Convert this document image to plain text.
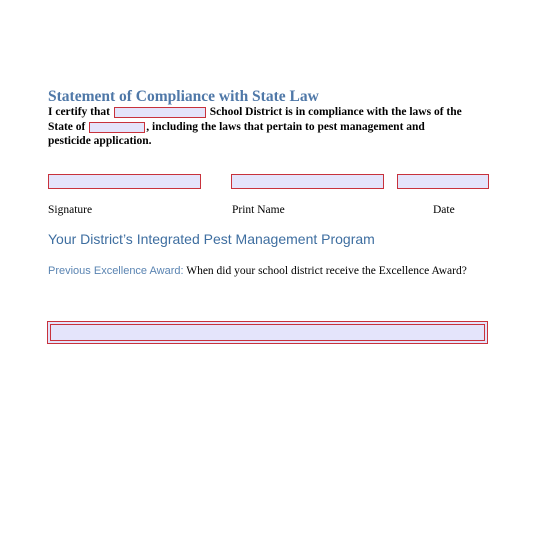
Statement of Compliance with State Law

I certify that	School District is in compliance with the laws of the
State of	, including the laws that pertain to pest management and
pesticide application.

Signature	Print Name	Date
Your District’s Integrated Pest Management Program

Previous Excellence Award: When did your school district receive the Excellence Award?
